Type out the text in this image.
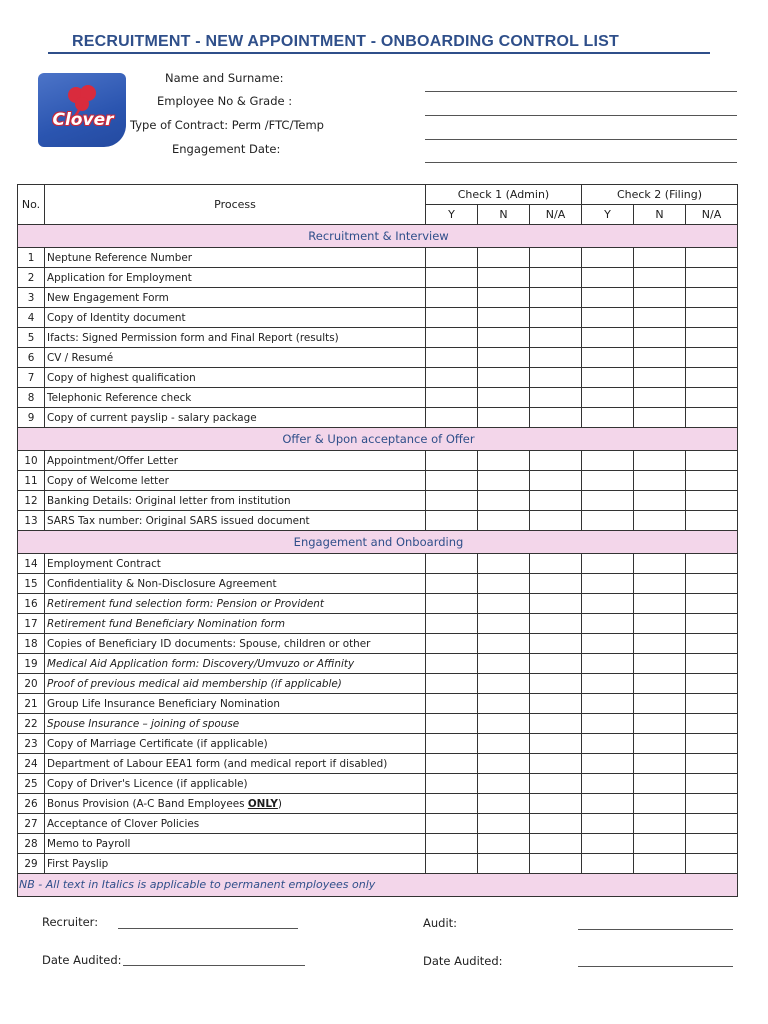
RECRUITMENT - NEW APPOINTMENT - ONBOARDING CONTROL LIST
Clover
Name and Surname:
Employee No & Grade :
Type of Contract: Perm /FTC/Temp
Engagement Date:
No.	Process	Check 1 (Admin)			Check 2 (Filing)		
		Y	N	N/A	Y	N	N/A
Recruitment & Interview							
1	Neptune Reference Number						
2	Application for Employment						
3	New Engagement Form						
4	Copy of Identity document						
5	Ifacts: Signed Permission form and Final Report (results)						
6	CV / Resumé						
7	Copy of highest qualification						
8	Telephonic Reference check						
9	Copy of current payslip - salary package						
Offer & Upon acceptance of Offer							
10	Appointment/Offer Letter						
11	Copy of Welcome letter						
12	Banking Details: Original letter from institution						
13	SARS Tax number: Original SARS issued document						
Engagement and Onboarding							
14	Employment Contract						
15	Confidentiality & Non-Disclosure Agreement						
16	Retirement fund selection form: Pension or Provident						
17	Retirement fund Beneficiary Nomination form						
18	Copies of Beneficiary ID documents: Spouse, children or other						
19	Medical Aid Application form: Discovery/Umvuzo or Affinity						
20	Proof of previous medical aid membership (if applicable)						
21	Group Life Insurance Beneficiary Nomination						
22	Spouse Insurance – joining of spouse						
23	Copy of Marriage Certificate (if applicable)						
24	Department of Labour EEA1 form (and medical report if disabled)						
25	Copy of Driver's Licence (if applicable)						
26	Bonus Provision (A-C Band Employees ONLY)						
27	Acceptance of Clover Policies						
28	Memo to Payroll						
29	First Payslip						
NB - All text in Italics is applicable to permanent employees only							
Recruiter:	Audit:
Date Audited:	Date Audited:
